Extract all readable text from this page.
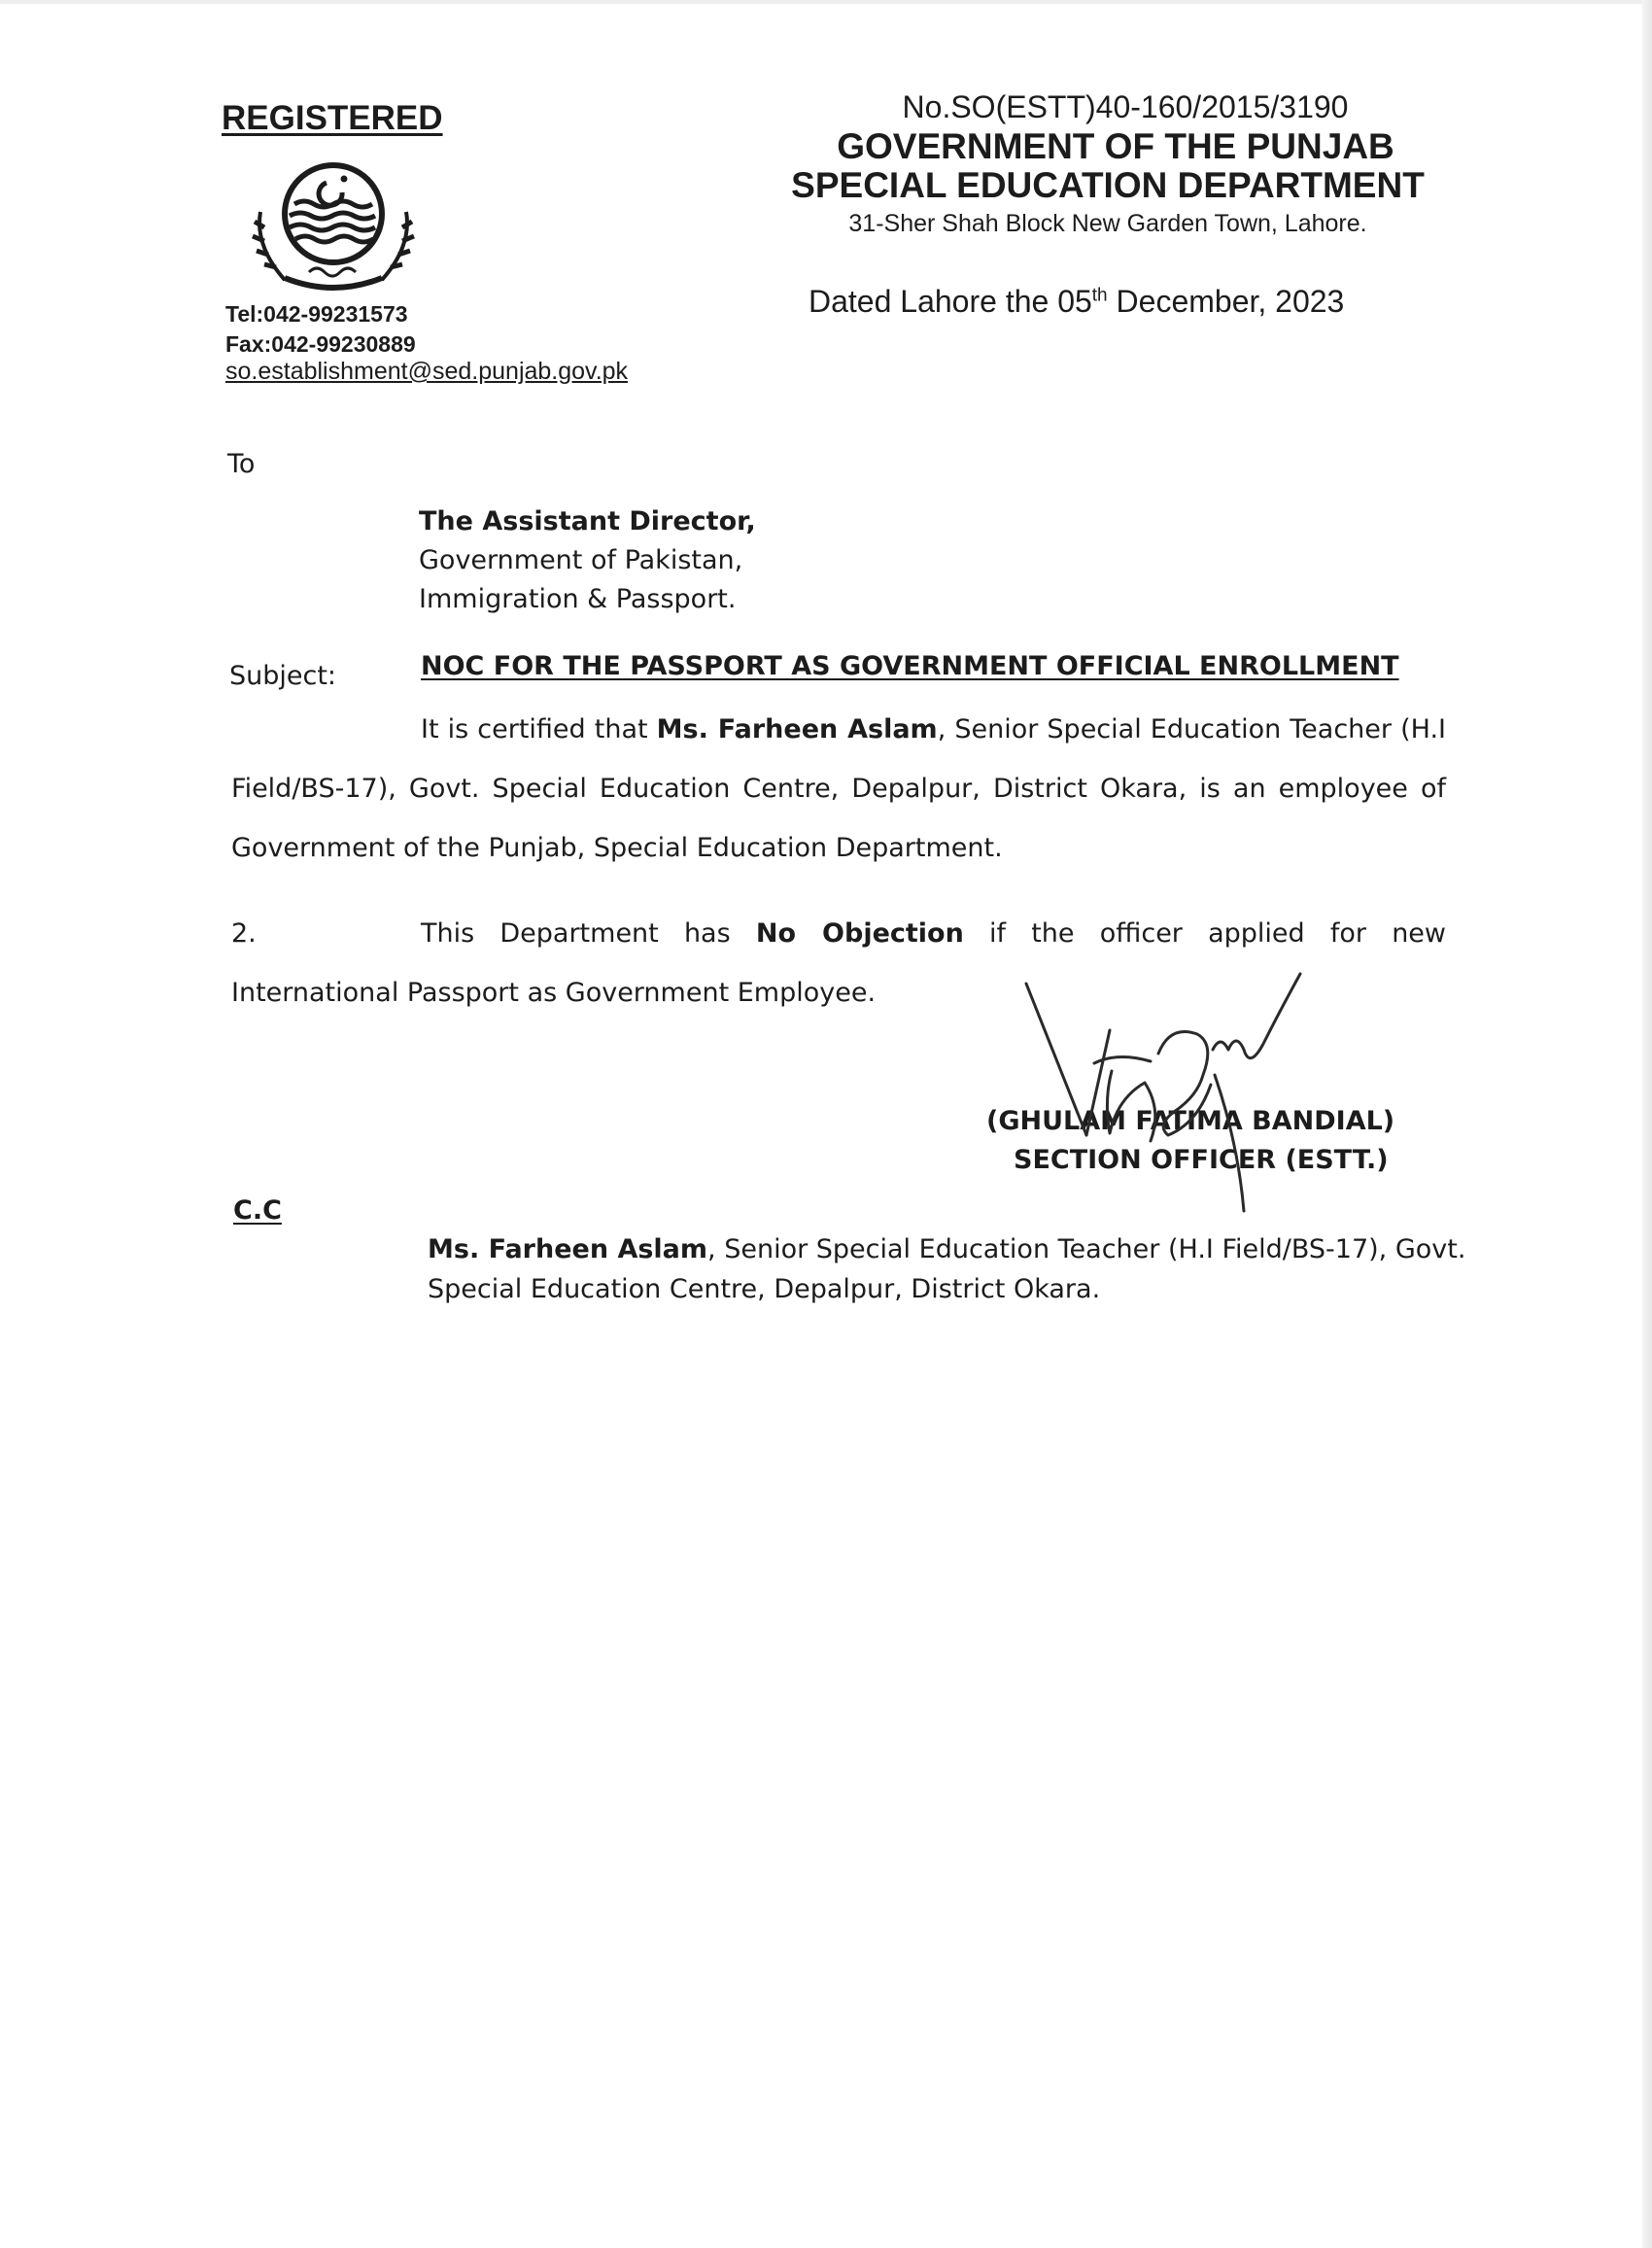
REGISTERED
Tel:042-99231573
Fax:042-99230889
so.establishment@sed.punjab.gov.pk
No.SO(ESTT)40-160/2015/3190
GOVERNMENT OF THE PUNJAB
SPECIAL EDUCATION DEPARTMENT
31-Sher Shah Block New Garden Town, Lahore.
Dated Lahore the 05th December, 2023
To
The Assistant Director,
Government of Pakistan,
Immigration & Passport.
Subject:	NOC FOR THE PASSPORT AS GOVERNMENT OFFICIAL ENROLLMENT
It is certified that Ms. Farheen Aslam, Senior Special Education Teacher (H.I Field/BS-17), Govt. Special Education Centre, Depalpur, District Okara, is an employee of Government of the Punjab, Special Education Department.
2.	This Department has No Objection if the officer applied for new International Passport as Government Employee.
(GHULAM FATIMA BANDIAL)
SECTION OFFICER (ESTT.)
C.C
Ms. Farheen Aslam, Senior Special Education Teacher (H.I Field/BS-17), Govt.
Special Education Centre, Depalpur, District Okara.
